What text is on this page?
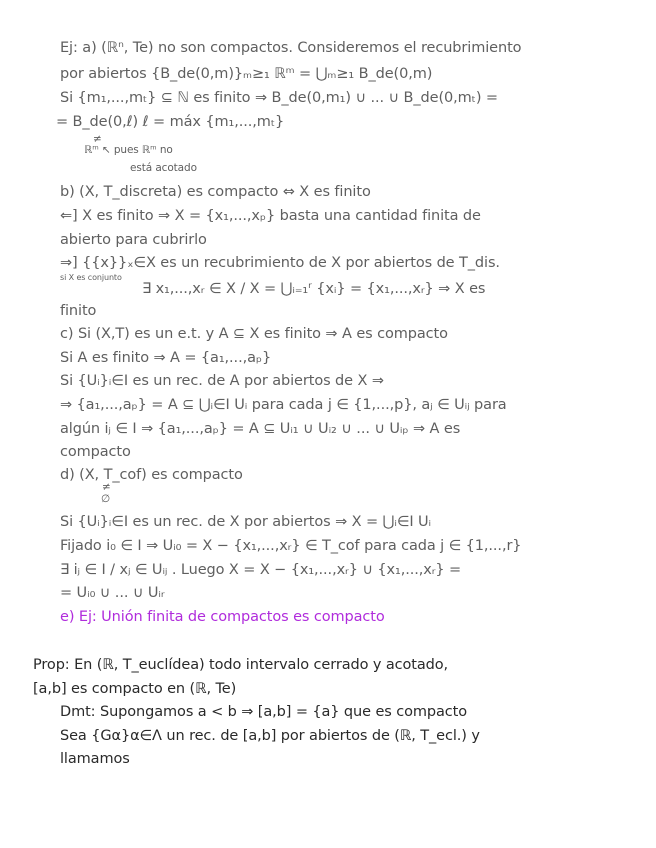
Ej: a) (ℝⁿ, Te) no son compactos. Consideremos el recubrimiento
por abiertos {B_de(0,m)}ₘ≥₁ ℝᵐ = ⋃ₘ≥₁ B_de(0,m)
Si {m₁,...,mₜ} ⊆ ℕ es finito ⇒ B_de(0,m₁) ∪ ... ∪ B_de(0,mₜ) =
= B_de(0,ℓ) ℓ = máx {m₁,...,mₜ}
≠
ℝᵐ ↖ pues ℝᵐ no
está acotado
b) (X, T_discreta) es compacto ⇔ X es finito
⇐] X es finito ⇒ X = {x₁,...,xₚ} basta una cantidad finita de
abierto para cubrirlo
⇒] {{x}}ₓ∈X es un recubrimiento de X por abiertos de T_dis.
si X es conjunto
∃ x₁,...,xᵣ ∈ X / X = ⋃ᵢ₌₁ʳ {xᵢ} = {x₁,...,xᵣ} ⇒ X es
finito
c) Si (X,T) es un e.t. y A ⊆ X es finito ⇒ A es compacto
Si A es finito ⇒ A = {a₁,...,aₚ}
Si {Uᵢ}ᵢ∈I es un rec. de A por abiertos de X ⇒
⇒ {a₁,...,aₚ} = A ⊆ ⋃ᵢ∈I Uᵢ para cada j ∈ {1,...,p}, aⱼ ∈ Uᵢⱼ para
algún iⱼ ∈ I ⇒ {a₁,...,aₚ} = A ⊆ Uᵢ₁ ∪ Uᵢ₂ ∪ ... ∪ Uᵢₚ ⇒ A es
compacto
d) (X, T_cof) es compacto
≠
∅
Si {Uᵢ}ᵢ∈I es un rec. de X por abiertos ⇒ X = ⋃ᵢ∈I Uᵢ
Fijado i₀ ∈ I ⇒ Uᵢ₀ = X − {x₁,...,xᵣ} ∈ T_cof para cada j ∈ {1,...,r}
∃ iⱼ ∈ I / xⱼ ∈ Uᵢⱼ . Luego X = X − {x₁,...,xᵣ} ∪ {x₁,...,xᵣ} =
= Uᵢ₀ ∪ ... ∪ Uᵢᵣ
e) Ej: Unión finita de compactos es compacto
Prop: En (ℝ, T_euclídea) todo intervalo cerrado y acotado,
[a,b] es compacto en (ℝ, Te)
Dmt: Supongamos a < b ⇒ [a,b] = {a} que es compacto
Sea {Gα}α∈Λ un rec. de [a,b] por abiertos de (ℝ, T_ecl.) y
llamamos
